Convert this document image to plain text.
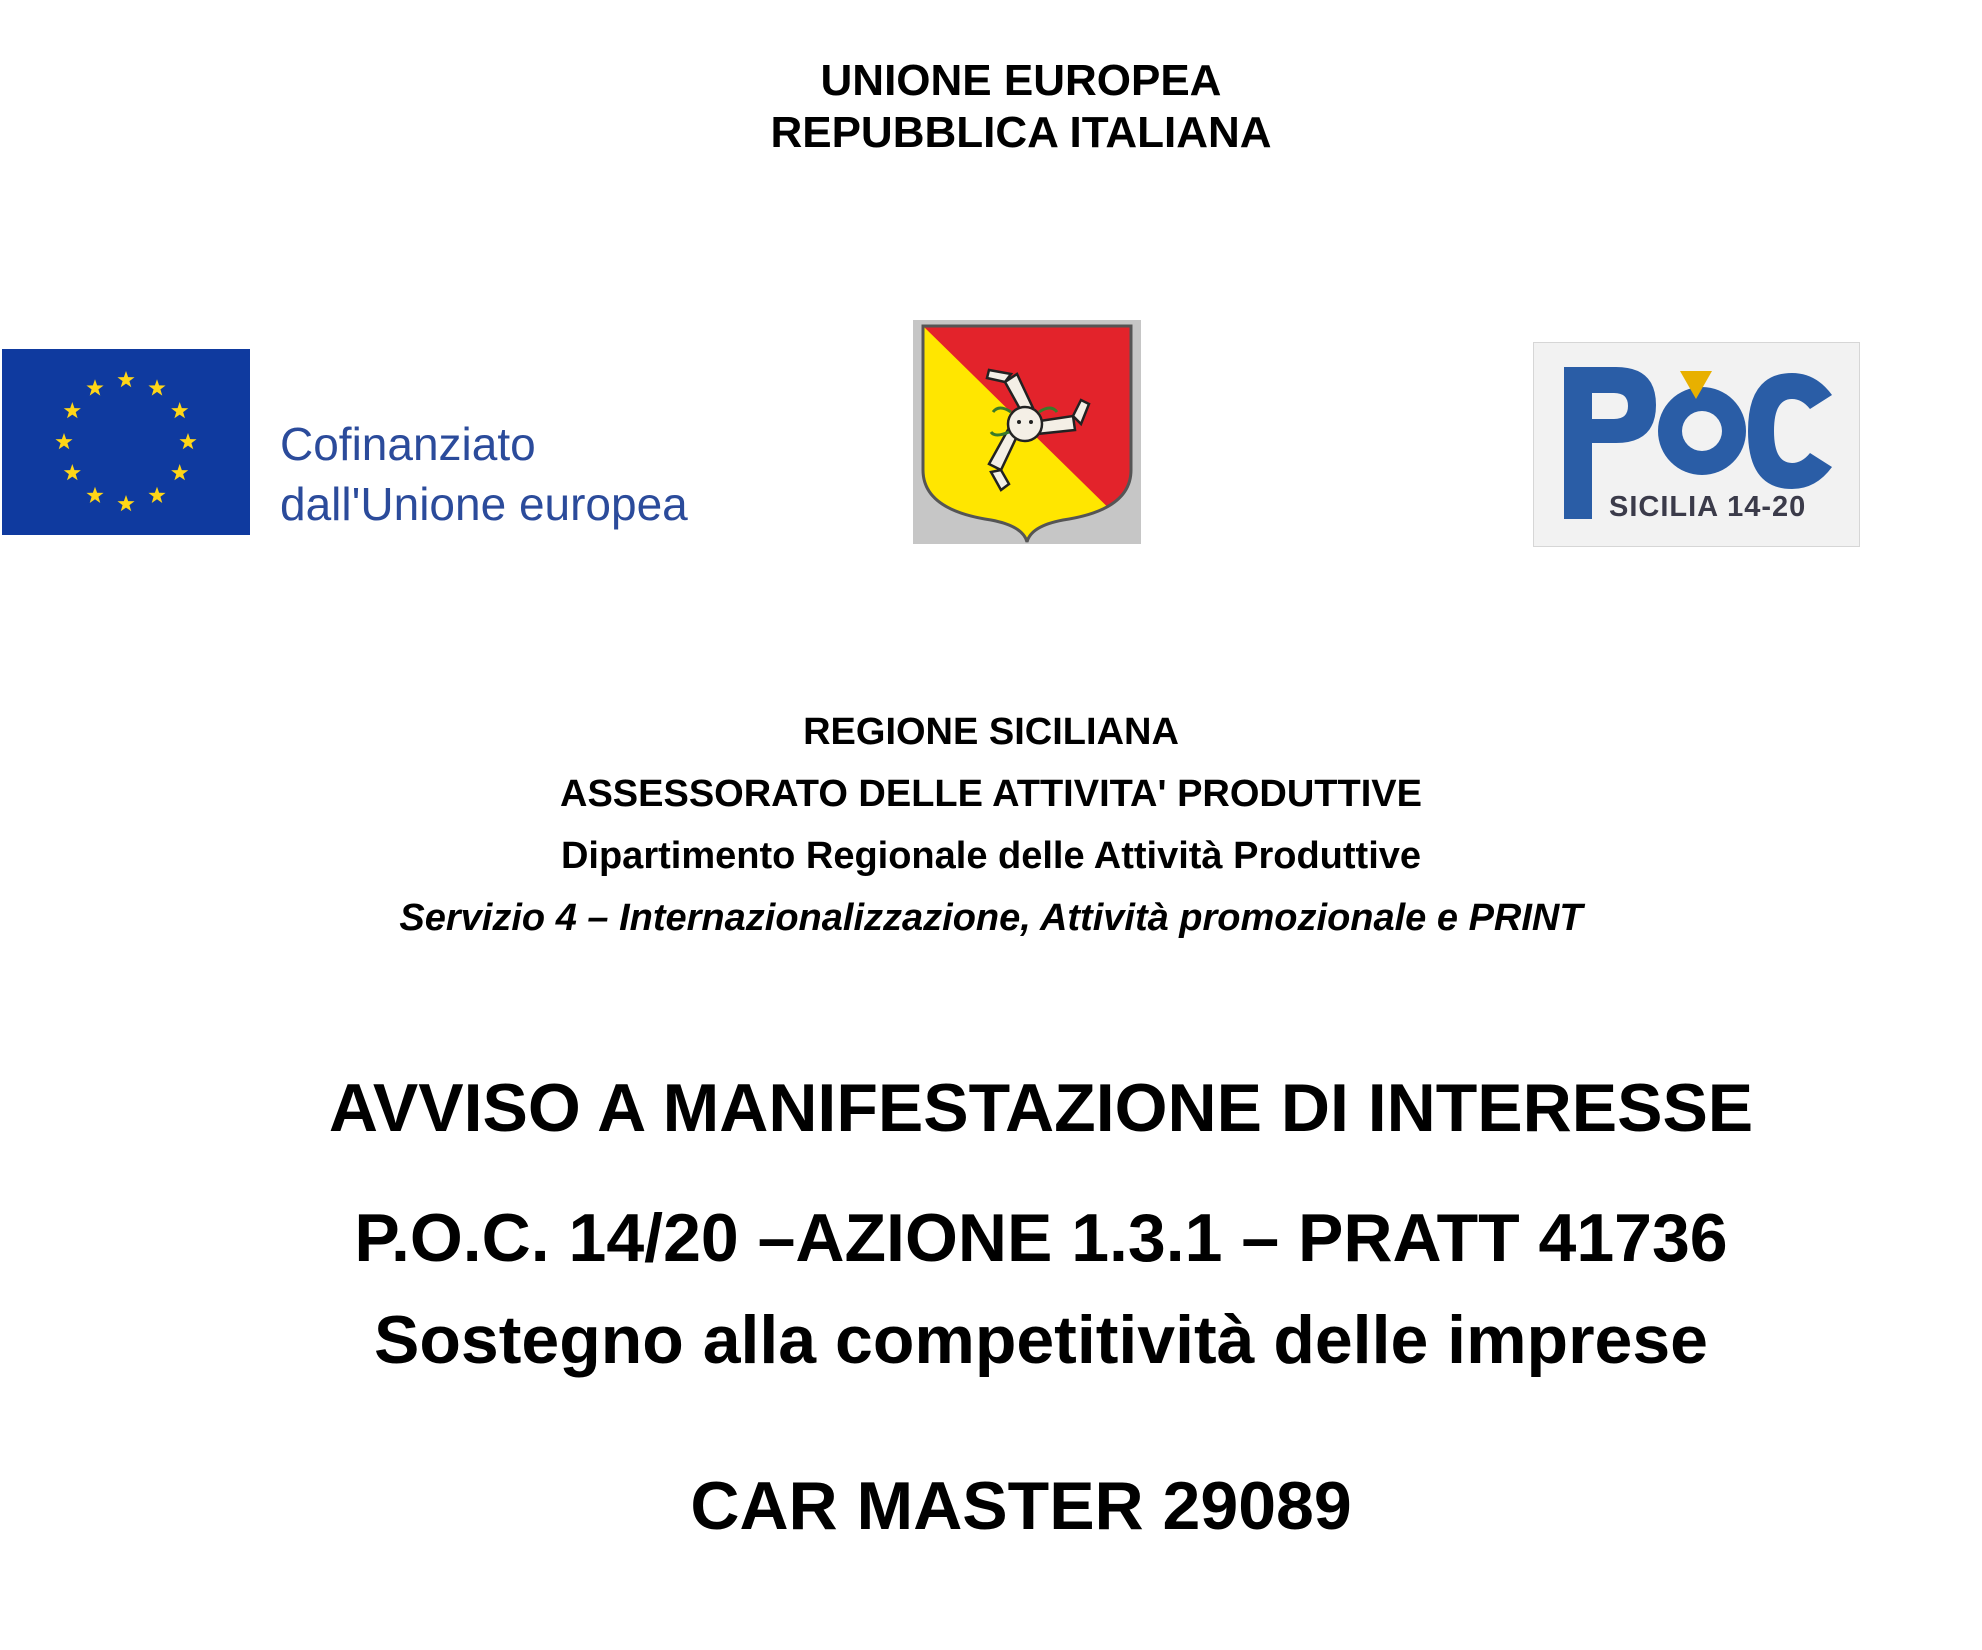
UNIONE EUROPEA
REPUBBLICA ITALIANA
Cofinanziato
dall'Unione europea	SICILIA 14-20
REGIONE SICILIANA
ASSESSORATO DELLE ATTIVITA' PRODUTTIVE
Dipartimento Regionale delle Attività Produttive
Servizio 4 – Internazionalizzazione, Attività promozionale e PRINT
AVVISO A MANIFESTAZIONE DI INTERESSE
P.O.C. 14/20 –AZIONE 1.3.1 – PRATT 41736
Sostegno alla competitività delle imprese
CAR MASTER 29089
